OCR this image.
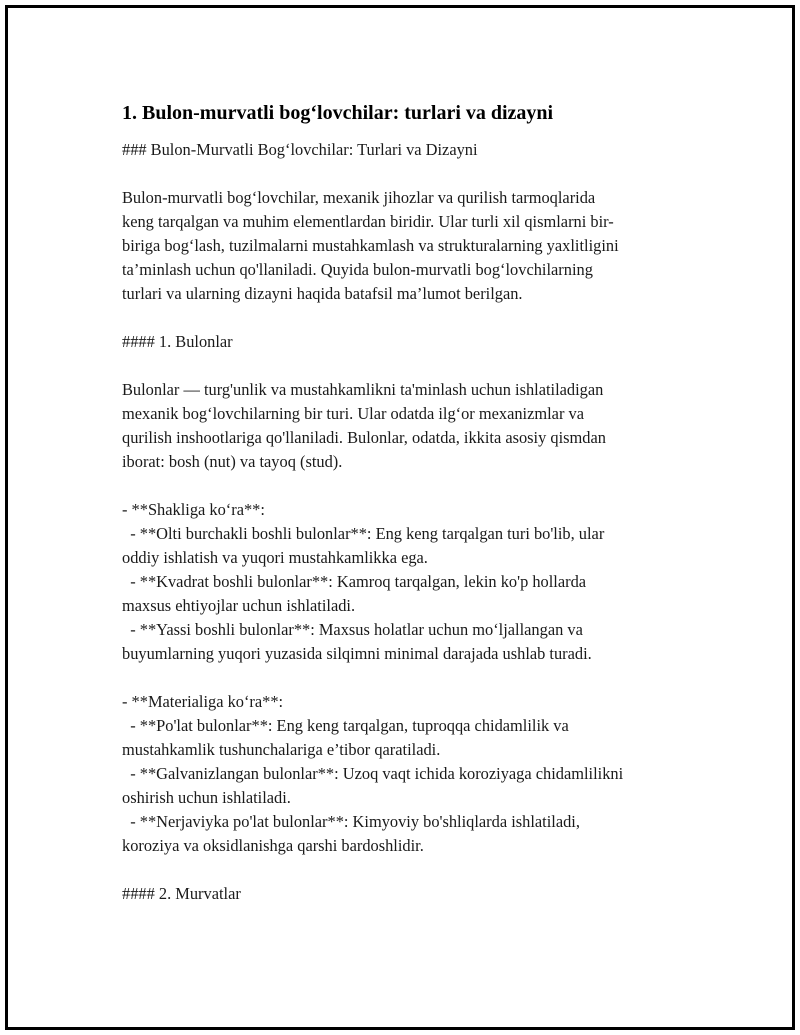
1. Bulon-murvatli bog‘lovchilar: turlari va dizayni
### Bulon-Murvatli Bog‘lovchilar: Turlari va Dizayni
Bulon-murvatli bog‘lovchilar, mexanik jihozlar va qurilish tarmoqlarida
keng tarqalgan va muhim elementlardan biridir. Ular turli xil qismlarni bir-
biriga bog‘lash, tuzilmalarni mustahkamlash va strukturalarning yaxlitligini
ta’minlash uchun qo'llaniladi. Quyida bulon-murvatli bog‘lovchilarning
turlari va ularning dizayni haqida batafsil ma’lumot berilgan.
#### 1. Bulonlar
Bulonlar — turg'unlik va mustahkamlikni ta'minlash uchun ishlatiladigan
mexanik bog‘lovchilarning bir turi. Ular odatda ilg‘or mexanizmlar va
qurilish inshootlariga qo'llaniladi. Bulonlar, odatda, ikkita asosiy qismdan
iborat: bosh (nut) va tayoq (stud).
- **Shakliga ko‘ra**:
- **Olti burchakli boshli bulonlar**: Eng keng tarqalgan turi bo'lib, ular
oddiy ishlatish va yuqori mustahkamlikka ega.
- **Kvadrat boshli bulonlar**: Kamroq tarqalgan, lekin ko'p hollarda
maxsus ehtiyojlar uchun ishlatiladi.
- **Yassi boshli bulonlar**: Maxsus holatlar uchun mo‘ljallangan va
buyumlarning yuqori yuzasida silqimni minimal darajada ushlab turadi.
- **Materialiga ko‘ra**:
- **Po'lat bulonlar**: Eng keng tarqalgan, tuproqqa chidamlilik va
mustahkamlik tushunchalariga e’tibor qaratiladi.
- **Galvanizlangan bulonlar**: Uzoq vaqt ichida koroziyaga chidamlilikni
oshirish uchun ishlatiladi.
- **Nerjaviyka po'lat bulonlar**: Kimyoviy bo'shliqlarda ishlatiladi,
koroziya va oksidlanishga qarshi bardoshlidir.
#### 2. Murvatlar
